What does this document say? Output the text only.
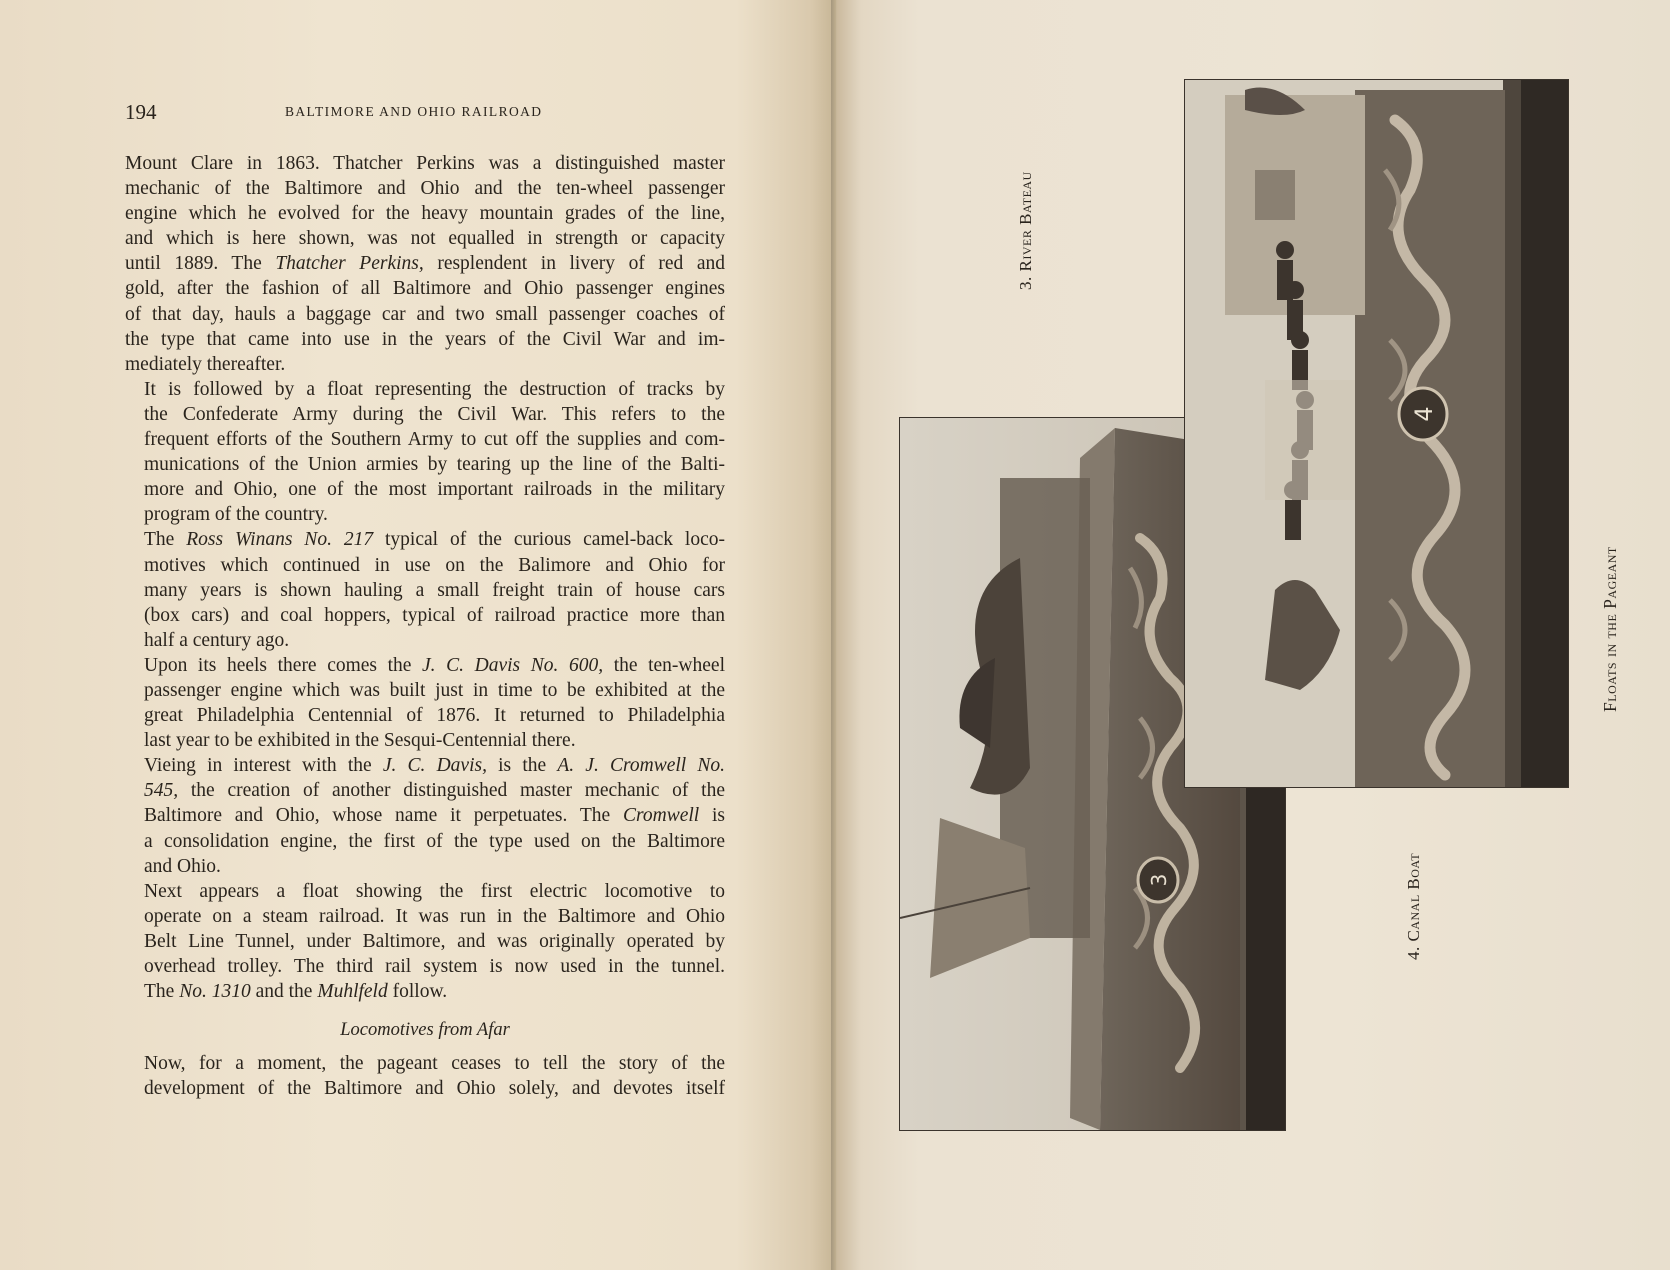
194	BALTIMORE AND OHIO RAILROAD

Mount Clare in 1863. Thatcher Perkins was a distinguished master
mechanic of the Baltimore and Ohio and the ten-wheel passenger
engine which he evolved for the heavy mountain grades of the line,
and which is here shown, was not equalled in strength or capacity
until 1889. The Thatcher Perkins, resplendent in livery of red and
gold, after the fashion of all Baltimore and Ohio passenger engines
of that day, hauls a baggage car and two small passenger coaches of
the type that came into use in the years of the Civil War and im-
mediately thereafter.

It is followed by a float representing the destruction of tracks by
the Confederate Army during the Civil War. This refers to the
frequent efforts of the Southern Army to cut off the supplies and com-
munications of the Union armies by tearing up the line of the Balti-
more and Ohio, one of the most important railroads in the military
program of the country.

The Ross Winans No. 217 typical of the curious camel-back loco-
motives which continued in use on the Balimore and Ohio for
many years is shown hauling a small freight train of house cars
(box cars) and coal hoppers, typical of railroad practice more than
half a century ago.

Upon its heels there comes the J. C. Davis No. 600, the ten-wheel
passenger engine which was built just in time to be exhibited at the
great Philadelphia Centennial of 1876. It returned to Philadelphia
last year to be exhibited in the Sesqui-Centennial there.

Vieing in interest with the J. C. Davis, is the A. J. Cromwell No.
545, the creation of another distinguished master mechanic of the
Baltimore and Ohio, whose name it perpetuates. The Cromwell is
a consolidation engine, the first of the type used on the Baltimore
and Ohio.

Next appears a float showing the first electric locomotive to
operate on a steam railroad. It was run in the Baltimore and Ohio
Belt Line Tunnel, under Baltimore, and was originally operated by
overhead trolley. The third rail system is now used in the tunnel.
The No. 1310 and the Muhlfeld follow.

Locomotives from Afar

Now, for a moment, the pageant ceases to tell the story of the
development of the Baltimore and Ohio solely, and devotes itself

3
4
3. River Bateau
4. Canal Boat
Floats in the Pageant
